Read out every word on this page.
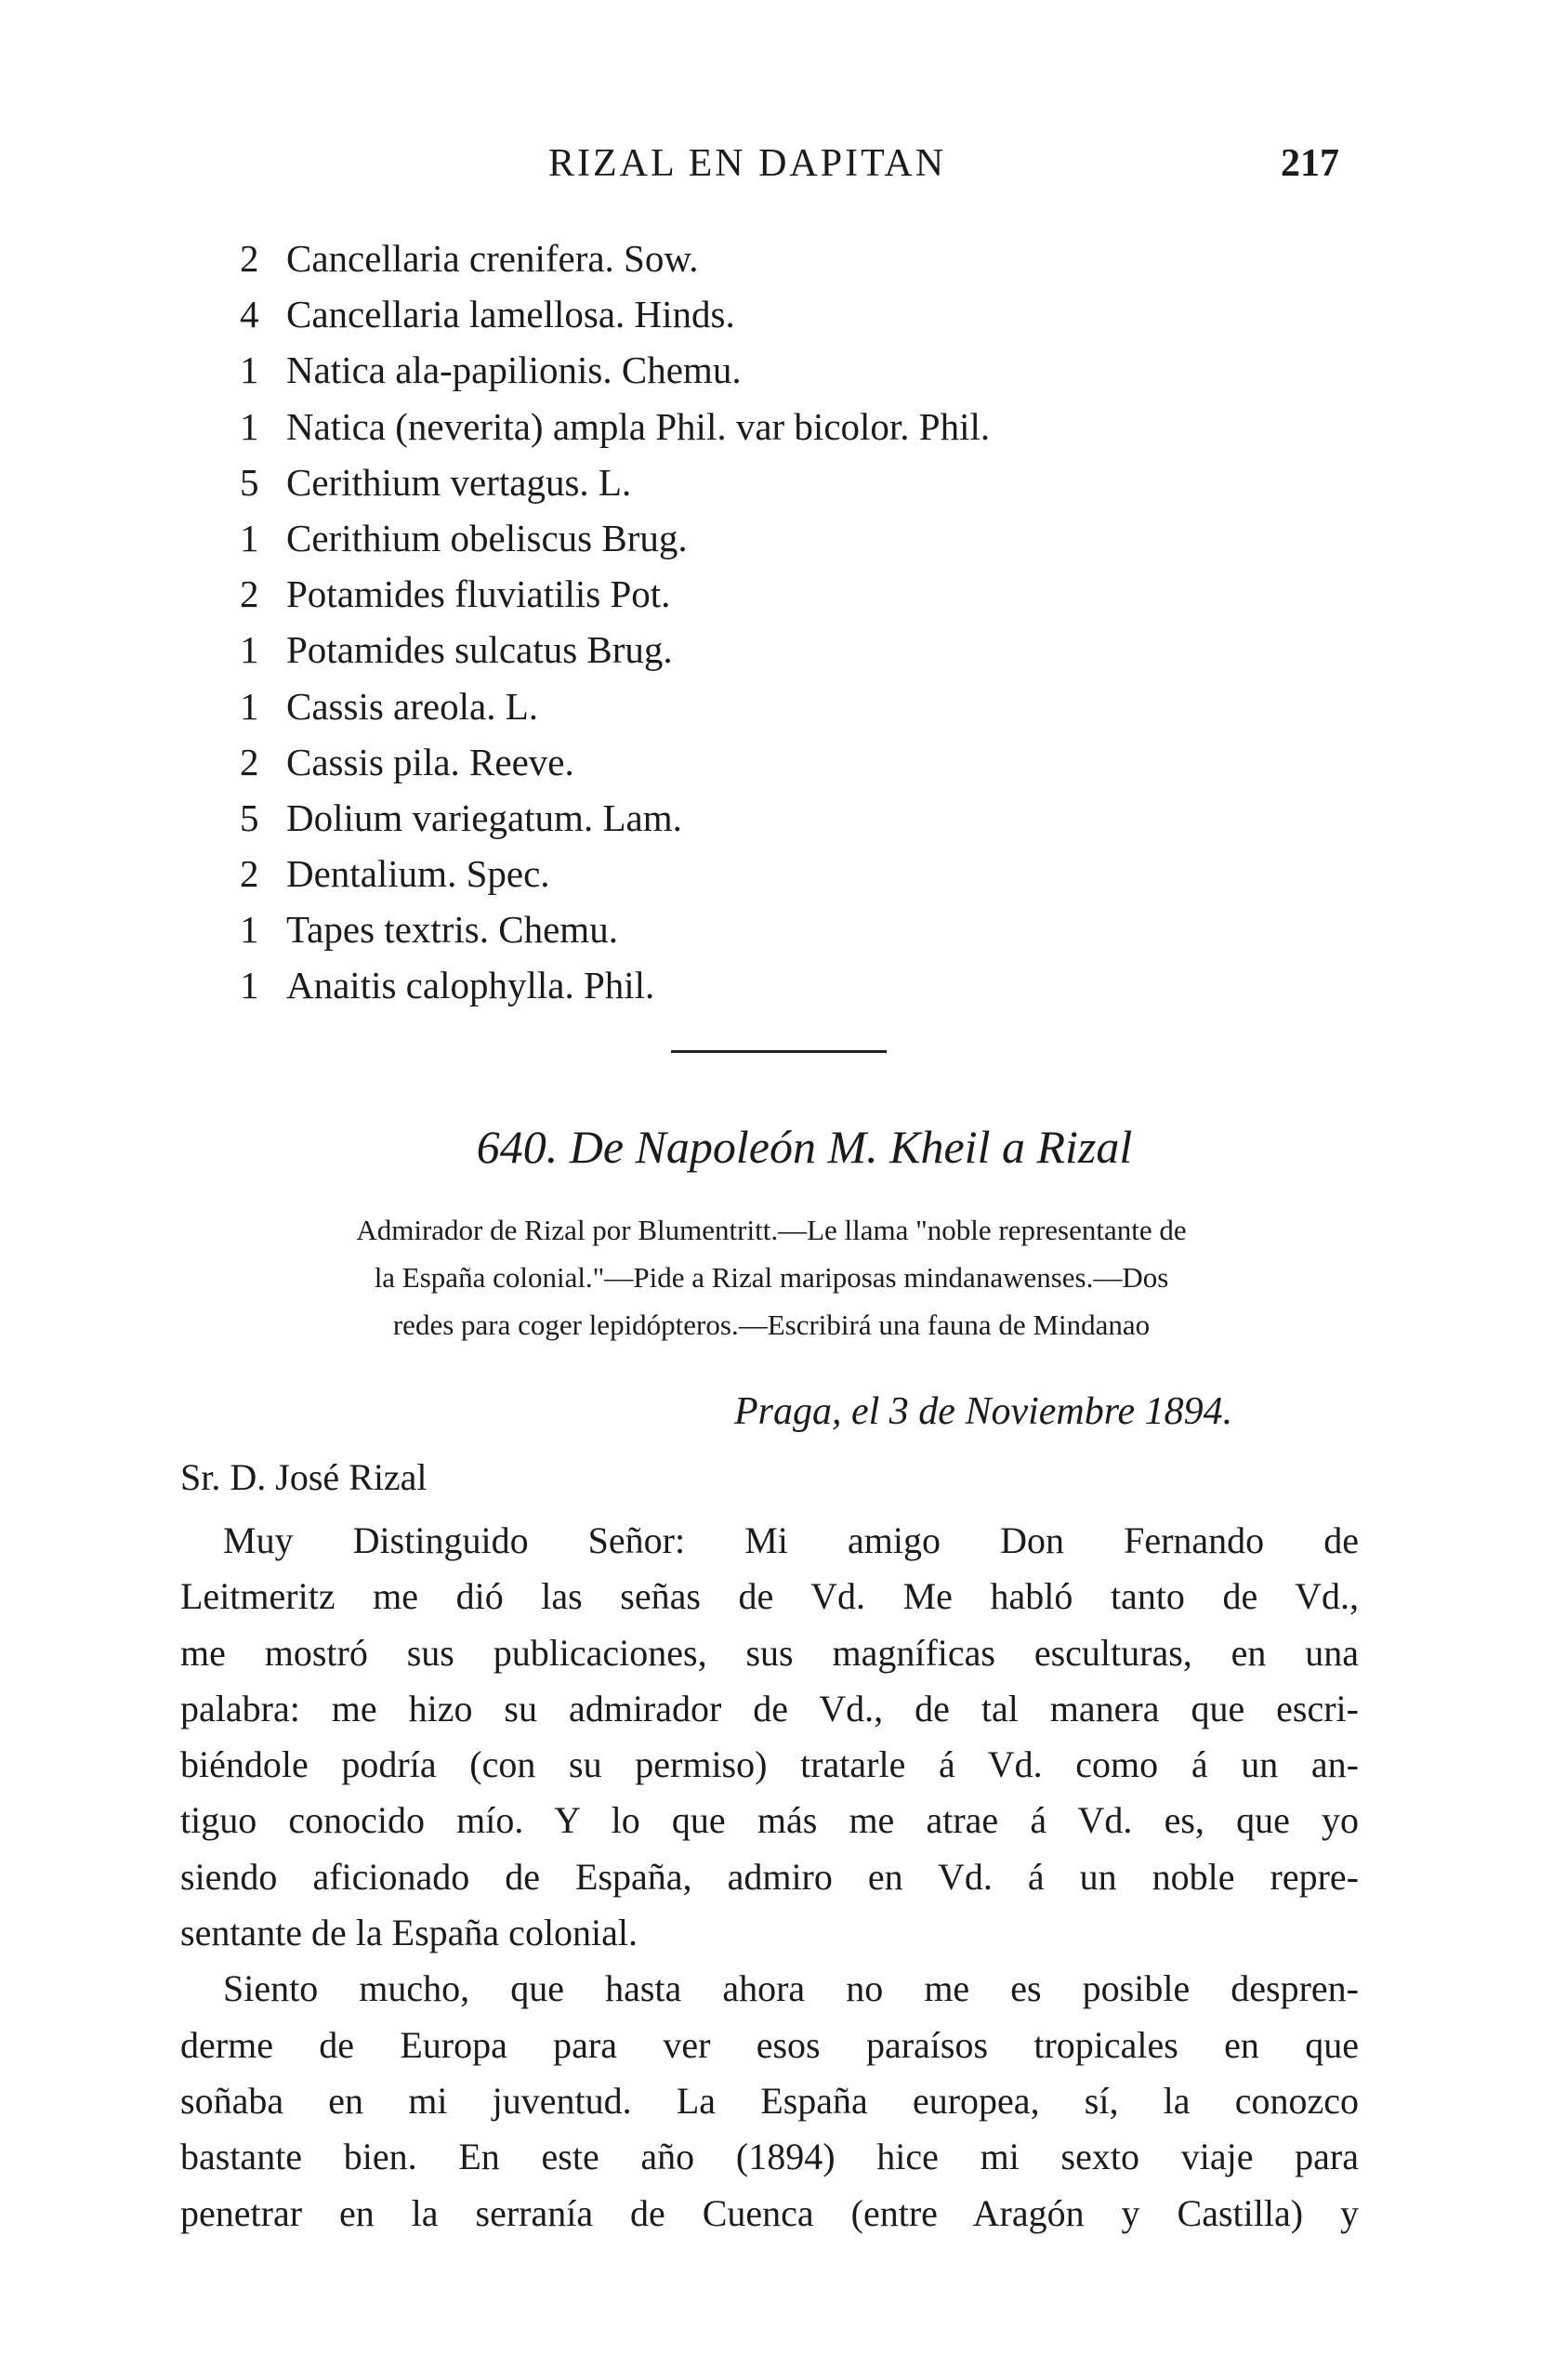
RIZAL EN DAPITAN	217
2 Cancellaria crenifera. Sow.
4 Cancellaria lamellosa. Hinds.
1 Natica ala-papilionis. Chemu.
1 Natica (neverita) ampla Phil. var bicolor. Phil.
5 Cerithium vertagus. L.
1 Cerithium obeliscus Brug.
2 Potamides fluviatilis Pot.
1 Potamides sulcatus Brug.
1 Cassis areola. L.
2 Cassis pila. Reeve.
5 Dolium variegatum. Lam.
2 Dentalium. Spec.
1 Tapes textris. Chemu.
1 Anaitis calophylla. Phil.
640. De Napoleón M. Kheil a Rizal
Admirador de Rizal por Blumentritt.—Le llama "noble representante de
la España colonial."—Pide a Rizal mariposas mindanawenses.—Dos
redes para coger lepidópteros.—Escribirá una fauna de Mindanao
Praga, el 3 de Noviembre 1894.
Sr. D. José Rizal
Muy Distinguido Señor: Mi amigo Don Fernando de
Leitmeritz me dió las señas de Vd. Me habló tanto de Vd.,
me mostró sus publicaciones, sus magníficas esculturas, en una
palabra: me hizo su admirador de Vd., de tal manera que escri-
biéndole podría (con su permiso) tratarle á Vd. como á un an-
tiguo conocido mío. Y lo que más me atrae á Vd. es, que yo
siendo aficionado de España, admiro en Vd. á un noble repre-
sentante de la España colonial.
Siento mucho, que hasta ahora no me es posible despren-
derme de Europa para ver esos paraísos tropicales en que
soñaba en mi juventud. La España europea, sí, la conozco
bastante bien. En este año (1894) hice mi sexto viaje para
penetrar en la serranía de Cuenca (entre Aragón y Castilla) y
